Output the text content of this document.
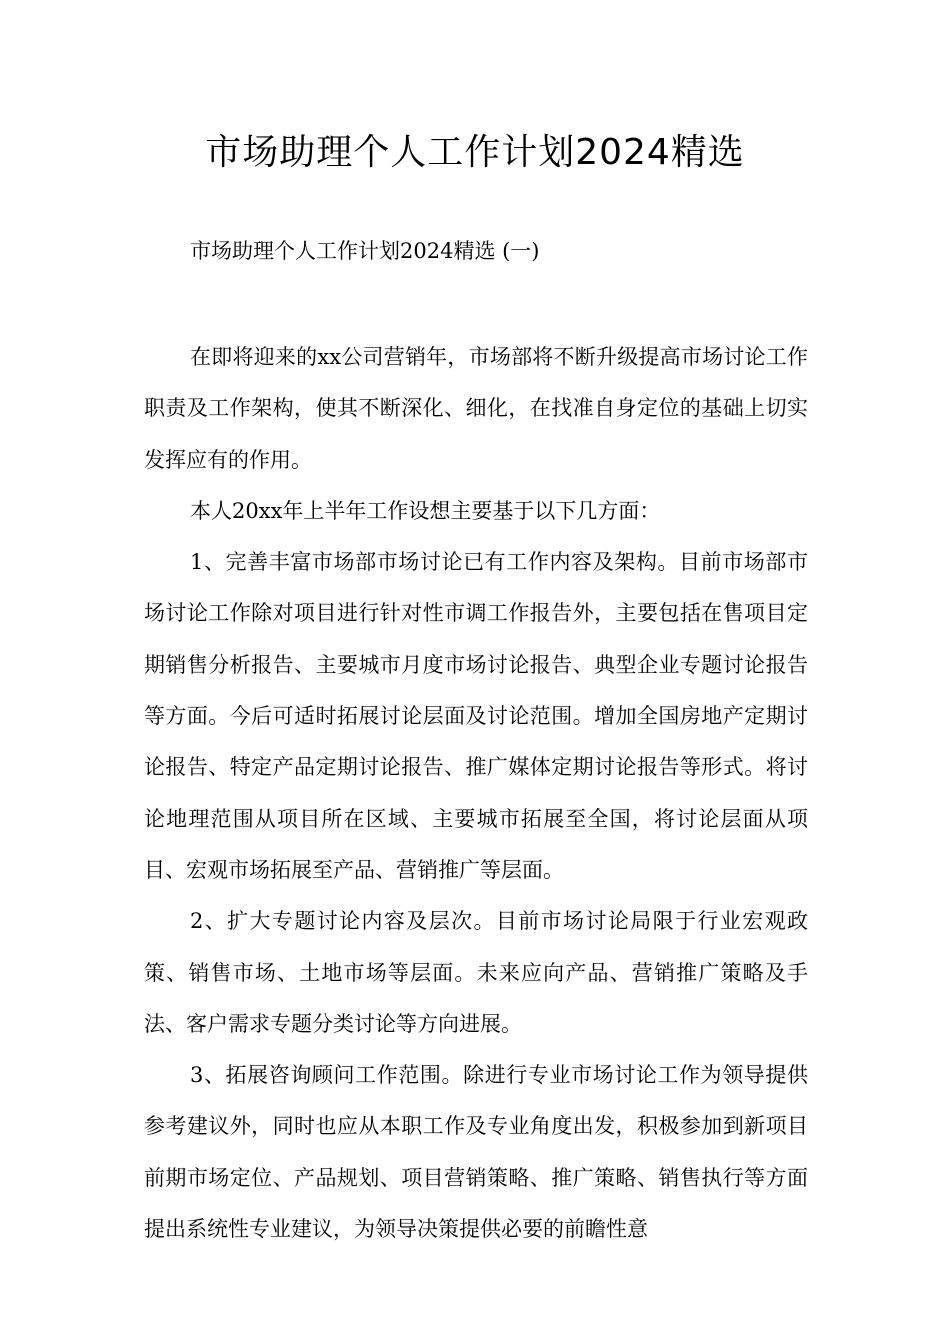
市场助理个人工作计划2024精选
市场助理个人工作计划2024精选 (一)

在即将迎来的xx公司营销年，市场部将不断升级提高市场讨论工作职责及工作架构，使其不断深化、细化，在找准自身定位的基础上切实发挥应有的作用。

本人20xx年上半年工作设想主要基于以下几方面：

1、完善丰富市场部市场讨论已有工作内容及架构。目前市场部市场讨论工作除对项目进行针对性市调工作报告外，主要包括在售项目定期销售分析报告、主要城市月度市场讨论报告、典型企业专题讨论报告等方面。今后可适时拓展讨论层面及讨论范围。增加全国房地产定期讨论报告、特定产品定期讨论报告、推广媒体定期讨论报告等形式。将讨论地理范围从项目所在区域、主要城市拓展至全国，将讨论层面从项目、宏观市场拓展至产品、营销推广等层面。

2、扩大专题讨论内容及层次。目前市场讨论局限于行业宏观政策、销售市场、土地市场等层面。未来应向产品、营销推广策略及手法、客户需求专题分类讨论等方向进展。

3、拓展咨询顾问工作范围。除进行专业市场讨论工作为领导提供参考建议外，同时也应从本职工作及专业角度出发，积极参加到新项目前期市场定位、产品规划、项目营销策略、推广策略、销售执行等方面提出系统性专业建议，为领导决策提供必要的前瞻性意
